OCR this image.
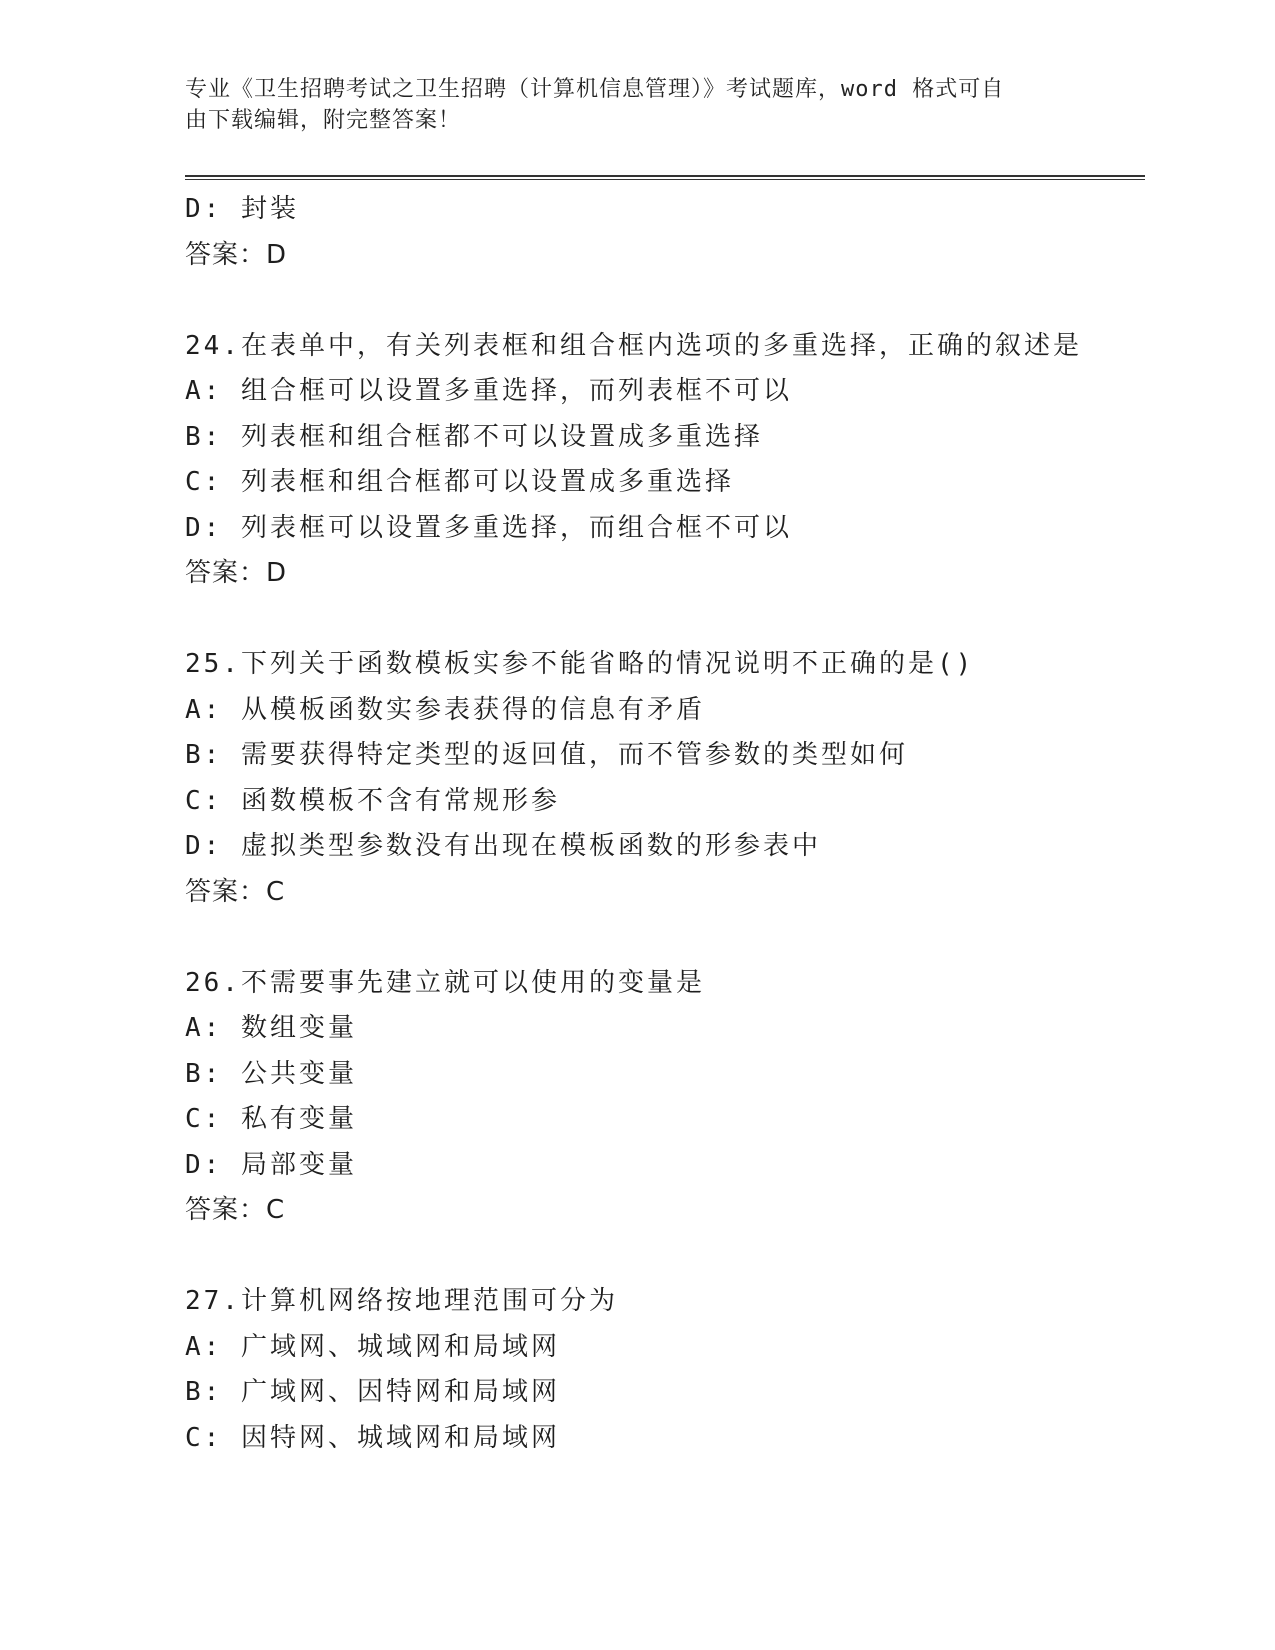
专业《卫生招聘考试之卫生招聘（计算机信息管理）》考试题库，word 格式可自
由下载编辑，附完整答案！
D: 封装
答案：D
24.在表单中，有关列表框和组合框内选项的多重选择，正确的叙述是
A: 组合框可以设置多重选择，而列表框不可以
B: 列表框和组合框都不可以设置成多重选择
C: 列表框和组合框都可以设置成多重选择
D: 列表框可以设置多重选择，而组合框不可以
答案：D
25.下列关于函数模板实参不能省略的情况说明不正确的是()
A: 从模板函数实参表获得的信息有矛盾
B: 需要获得特定类型的返回值，而不管参数的类型如何
C: 函数模板不含有常规形参
D: 虚拟类型参数没有出现在模板函数的形参表中
答案：C
26.不需要事先建立就可以使用的变量是
A: 数组变量
B: 公共变量
C: 私有变量
D: 局部变量
答案：C
27.计算机网络按地理范围可分为
A: 广域网、城域网和局域网
B: 广域网、因特网和局域网
C: 因特网、城域网和局域网
